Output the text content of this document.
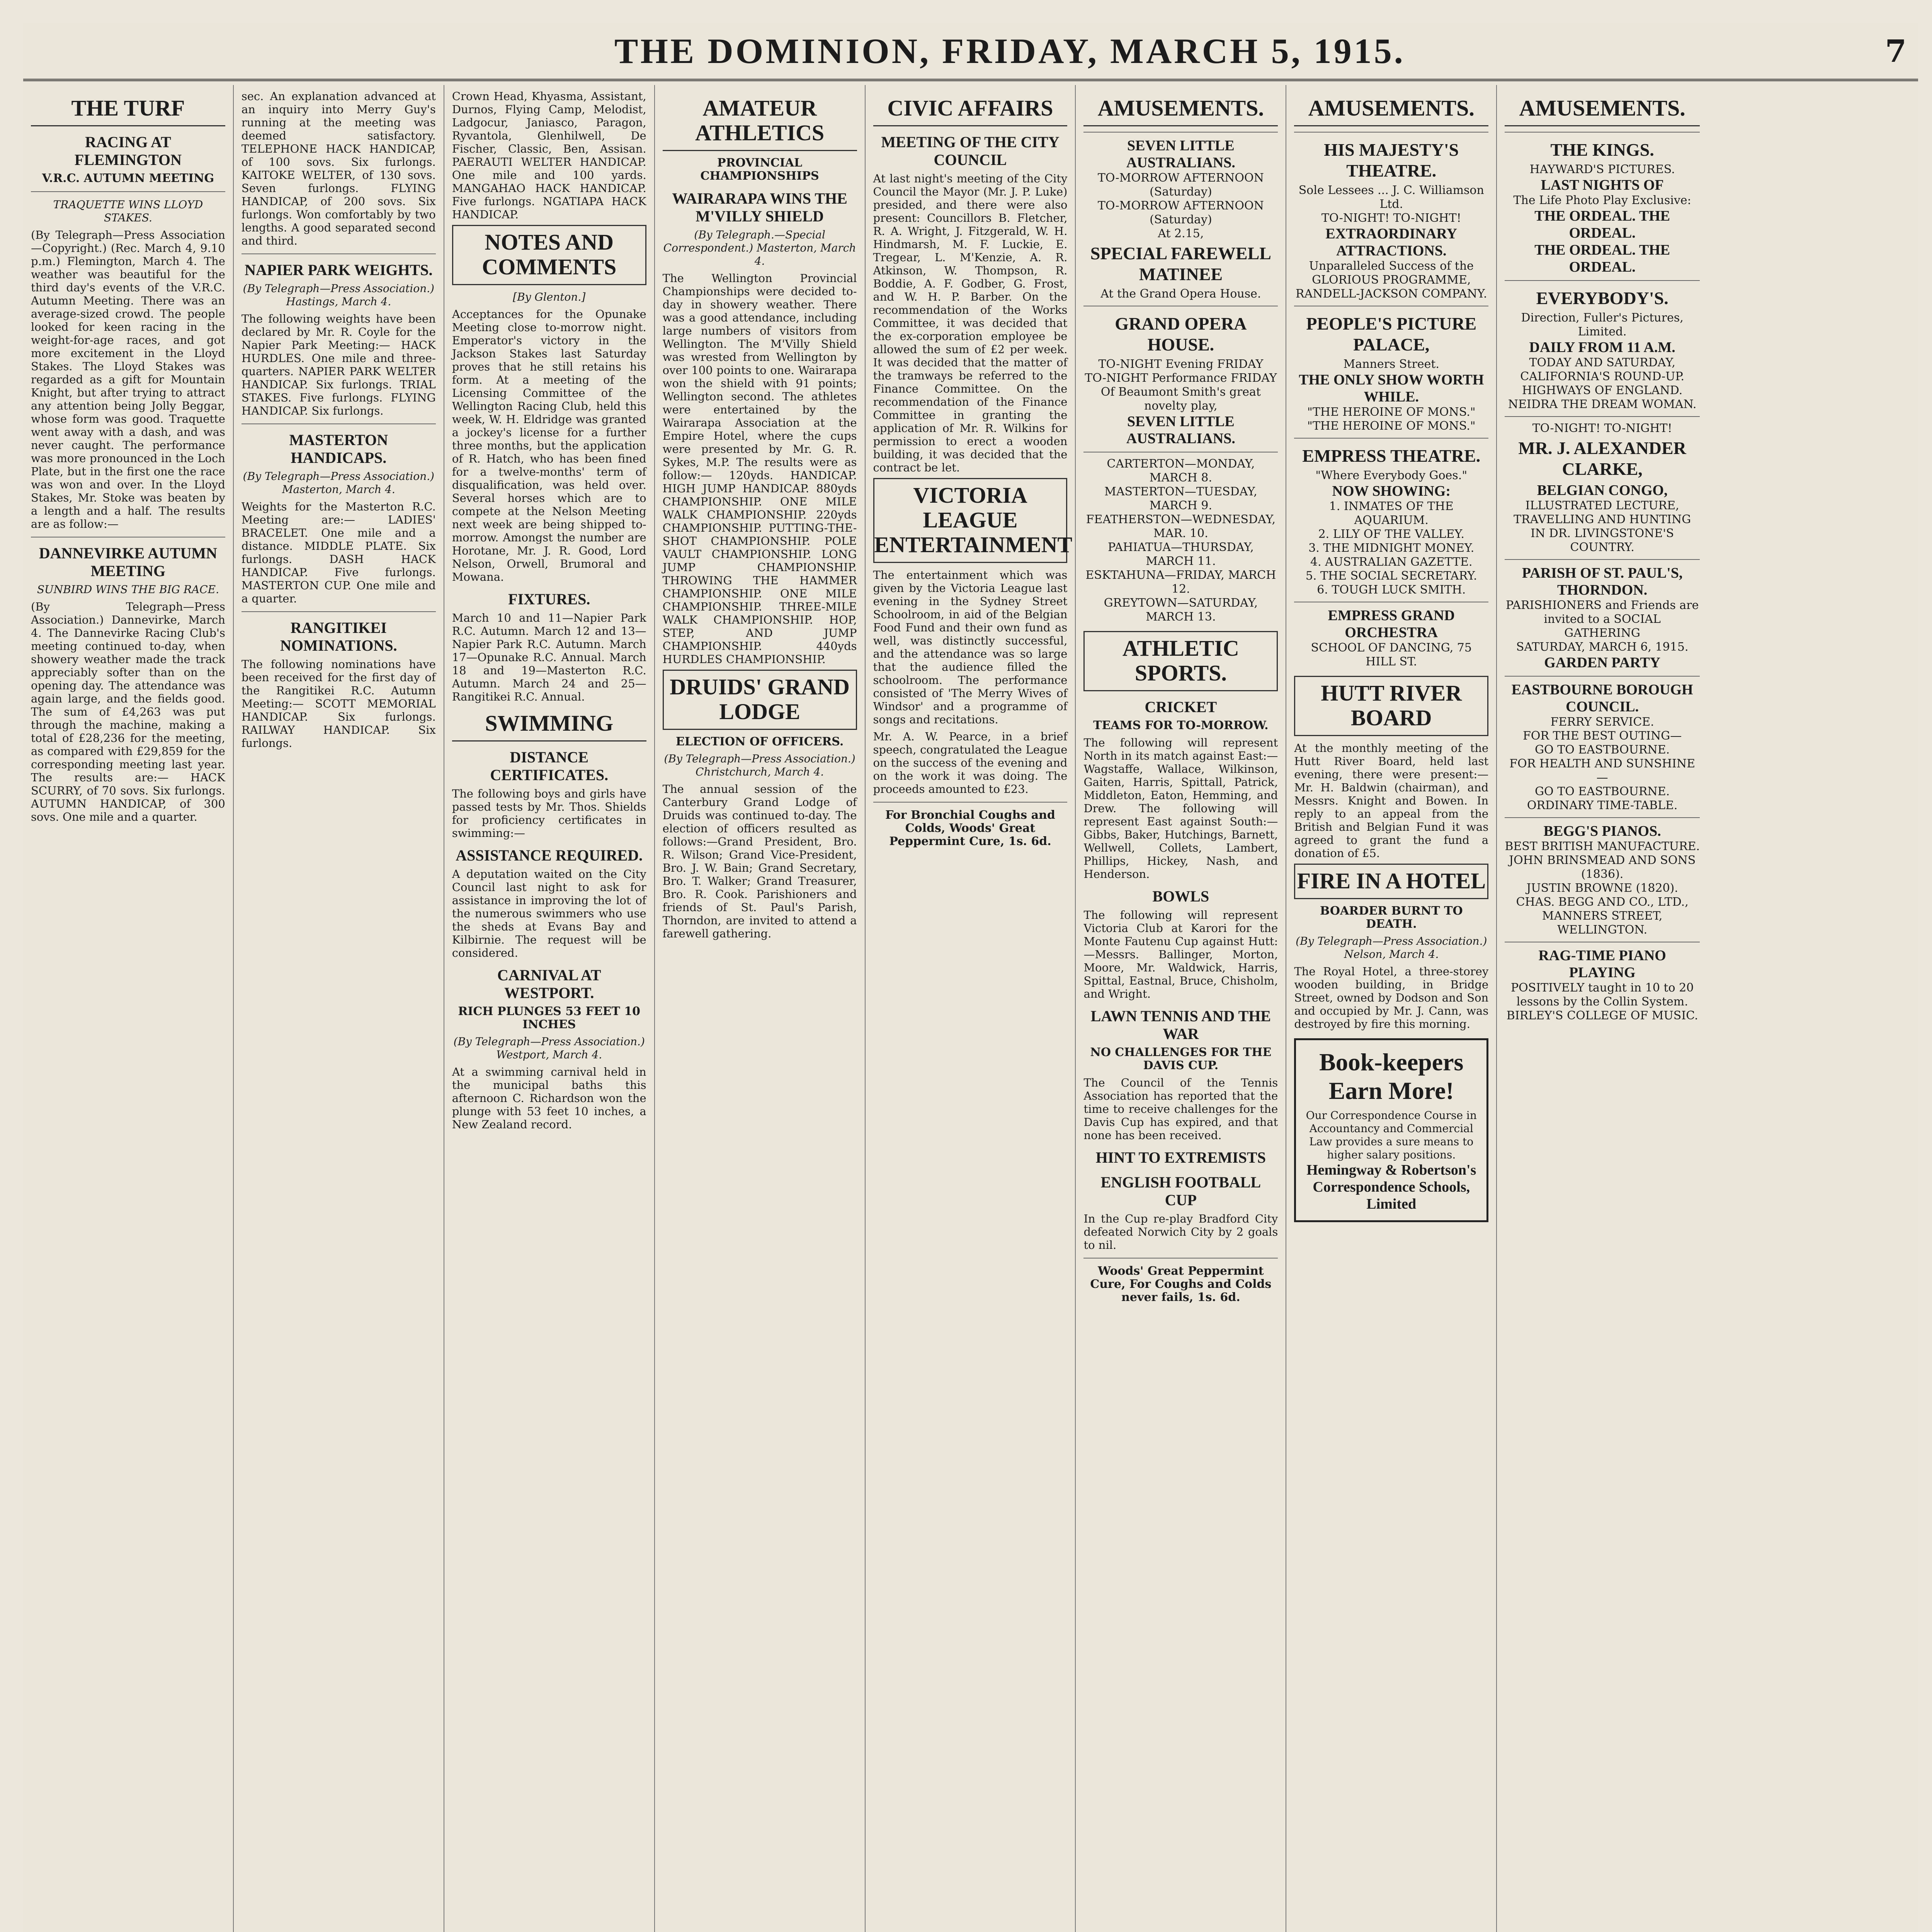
THE DOMINION, FRIDAY, MARCH 5, 1915.	7
THE TURF
RACING AT FLEMINGTON
V.R.C. AUTUMN MEETING
TRAQUETTE WINS LLOYD STAKES.

(By Telegraph—Press Association—Copyright.) (Rec. March 4, 9.10 p.m.) Flemington, March 4. The weather was beautiful for the third day's events of the V.R.C. Autumn Meeting. There was an average-sized crowd. The people looked for keen racing in the weight-for-age races, and got more excitement in the Lloyd Stakes. The Lloyd Stakes was regarded as a gift for Mountain Knight, but after trying to attract any attention being Jolly Beggar, whose form was good. Traquette went away with a dash, and was never caught. The performance was more pronounced in the Loch Plate, but in the first one the race was won and over. In the Lloyd Stakes, Mr. Stoke was beaten by a length and a half. The results are as follow:—

DANNEVIRKE AUTUMN MEETING
SUNBIRD WINS THE BIG RACE.

(By Telegraph—Press Association.) Dannevirke, March 4. The Dannevirke Racing Club's meeting continued to-day, when showery weather made the track appreciably softer than on the opening day. The attendance was again large, and the fields good. The sum of £4,263 was put through the machine, making a total of £28,236 for the meeting, as compared with £29,859 for the corresponding meeting last year. The results are:— HACK SCURRY, of 70 sovs. Six furlongs. AUTUMN HANDICAP, of 300 sovs. One mile and a quarter.

sec. An explanation advanced at an inquiry into Merry Guy's running at the meeting was deemed satisfactory. TELEPHONE HACK HANDICAP, of 100 sovs. Six furlongs. KAITOKE WELTER, of 130 sovs. Seven furlongs. FLYING HANDICAP, of 200 sovs. Six furlongs. Won comfortably by two lengths. A good separated second and third.

NAPIER PARK WEIGHTS.
(By Telegraph—Press Association.) Hastings, March 4.

The following weights have been declared by Mr. R. Coyle for the Napier Park Meeting:— HACK HURDLES. One mile and three-quarters. NAPIER PARK WELTER HANDICAP. Six furlongs. TRIAL STAKES. Five furlongs. FLYING HANDICAP. Six furlongs.

MASTERTON HANDICAPS.
(By Telegraph—Press Association.) Masterton, March 4.

Weights for the Masterton R.C. Meeting are:— LADIES' BRACELET. One mile and a distance. MIDDLE PLATE. Six furlongs. DASH HACK HANDICAP. Five furlongs. MASTERTON CUP. One mile and a quarter.

RANGITIKEI NOMINATIONS.

The following nominations have been received for the first day of the Rangitikei R.C. Autumn Meeting:— SCOTT MEMORIAL HANDICAP. Six furlongs. RAILWAY HANDICAP. Six furlongs.

Crown Head, Khyasma, Assistant, Durnos, Flying Camp, Melodist, Ladgocur, Janiasco, Paragon, Ryvantola, Glenhilwell, De Fischer, Classic, Ben, Assisan. PAERAUTI WELTER HANDICAP. One mile and 100 yards. MANGAHAO HACK HANDICAP. Five furlongs. NGATIAPA HACK HANDICAP.

NOTES AND COMMENTS
[By Glenton.]

Acceptances for the Opunake Meeting close to-morrow night. Emperator's victory in the Jackson Stakes last Saturday proves that he still retains his form. At a meeting of the Licensing Committee of the Wellington Racing Club, held this week, W. H. Eldridge was granted a jockey's license for a further three months, but the application of R. Hatch, who has been fined for a twelve-months' term of disqualification, was held over. Several horses which are to compete at the Nelson Meeting next week are being shipped to-morrow. Amongst the number are Horotane, Mr. J. R. Good, Lord Nelson, Orwell, Brumoral and Mowana.

FIXTURES.

March 10 and 11—Napier Park R.C. Autumn. March 12 and 13—Napier Park R.C. Autumn. March 17—Opunake R.C. Annual. March 18 and 19—Masterton R.C. Autumn. March 24 and 25—Rangitikei R.C. Annual.

SWIMMING
DISTANCE CERTIFICATES.

The following boys and girls have passed tests by Mr. Thos. Shields for proficiency certificates in swimming:—

ASSISTANCE REQUIRED.

A deputation waited on the City Council last night to ask for assistance in improving the lot of the numerous swimmers who use the sheds at Evans Bay and Kilbirnie. The request will be considered.

CARNIVAL AT WESTPORT.
RICH PLUNGES 53 FEET 10 INCHES
(By Telegraph—Press Association.) Westport, March 4.

At a swimming carnival held in the municipal baths this afternoon C. Richardson won the plunge with 53 feet 10 inches, a New Zealand record.

AMATEUR ATHLETICS
PROVINCIAL CHAMPIONSHIPS
WAIRARAPA WINS THE M'VILLY SHIELD
(By Telegraph.—Special Correspondent.) Masterton, March 4.

The Wellington Provincial Championships were decided to-day in showery weather. There was a good attendance, including large numbers of visitors from Wellington. The M'Villy Shield was wrested from Wellington by over 100 points to one. Wairarapa won the shield with 91 points; Wellington second. The athletes were entertained by the Wairarapa Association at the Empire Hotel, where the cups were presented by Mr. G. R. Sykes, M.P. The results were as follow:— 120yds. HANDICAP. HIGH JUMP HANDICAP. 880yds CHAMPIONSHIP. ONE MILE WALK CHAMPIONSHIP. 220yds CHAMPIONSHIP. PUTTING-THE-SHOT CHAMPIONSHIP. POLE VAULT CHAMPIONSHIP. LONG JUMP CHAMPIONSHIP. THROWING THE HAMMER CHAMPIONSHIP. ONE MILE CHAMPIONSHIP. THREE-MILE WALK CHAMPIONSHIP. HOP, STEP, AND JUMP CHAMPIONSHIP. 440yds HURDLES CHAMPIONSHIP.

DRUIDS' GRAND LODGE
ELECTION OF OFFICERS.
(By Telegraph—Press Association.) Christchurch, March 4.

The annual session of the Canterbury Grand Lodge of Druids was continued to-day. The election of officers resulted as follows:—Grand President, Bro. R. Wilson; Grand Vice-President, Bro. J. W. Bain; Grand Secretary, Bro. T. Walker; Grand Treasurer, Bro. R. Cook. Parishioners and friends of St. Paul's Parish, Thorndon, are invited to attend a farewell gathering.

CIVIC AFFAIRS
MEETING OF THE CITY COUNCIL

At last night's meeting of the City Council the Mayor (Mr. J. P. Luke) presided, and there were also present: Councillors B. Fletcher, R. A. Wright, J. Fitzgerald, W. H. Hindmarsh, M. F. Luckie, E. Tregear, L. M'Kenzie, A. R. Atkinson, W. Thompson, R. Boddie, A. F. Godber, G. Frost, and W. H. P. Barber. On the recommendation of the Works Committee, it was decided that the ex-corporation employee be allowed the sum of £2 per week. It was decided that the matter of the tramways be referred to the Finance Committee. On the recommendation of the Finance Committee in granting the application of Mr. R. Wilkins for permission to erect a wooden building, it was decided that the contract be let.

VICTORIA LEAGUE ENTERTAINMENT

The entertainment which was given by the Victoria League last evening in the Sydney Street Schoolroom, in aid of the Belgian Food Fund and their own fund as well, was distinctly successful, and the attendance was so large that the audience filled the schoolroom. The performance consisted of 'The Merry Wives of Windsor' and a programme of songs and recitations.

Mr. A. W. Pearce, in a brief speech, congratulated the League on the success of the evening and on the work it was doing. The proceeds amounted to £23.

For Bronchial Coughs and Colds, Woods' Great Peppermint Cure, 1s. 6d.
AMUSEMENTS.
SEVEN LITTLE AUSTRALIANS.
TO-MORROW AFTERNOON (Saturday)
TO-MORROW AFTERNOON (Saturday)
At 2.15,
SPECIAL FAREWELL MATINEE
At the Grand Opera House.
GRAND OPERA HOUSE.
TO-NIGHT Evening FRIDAY
TO-NIGHT Performance FRIDAY
Of Beaumont Smith's great novelty play,
SEVEN LITTLE AUSTRALIANS.
CARTERTON—MONDAY, MARCH 8.
MASTERTON—TUESDAY, MARCH 9.
FEATHERSTON—WEDNESDAY, MAR. 10.
PAHIATUA—THURSDAY, MARCH 11.
ESKTAHUNA—FRIDAY, MARCH 12.
GREYTOWN—SATURDAY, MARCH 13.
ATHLETIC SPORTS.
CRICKET
TEAMS FOR TO-MORROW.

The following will represent North in its match against East:—Wagstaffe, Wallace, Wilkinson, Gaiten, Harris, Spittall, Patrick, Middleton, Eaton, Hemming, and Drew. The following will represent East against South:—Gibbs, Baker, Hutchings, Barnett, Wellwell, Collets, Lambert, Phillips, Hickey, Nash, and Henderson.

BOWLS

The following will represent Victoria Club at Karori for the Monte Fautenu Cup against Hutt:—Messrs. Ballinger, Morton, Moore, Mr. Waldwick, Harris, Spittal, Eastnal, Bruce, Chisholm, and Wright.

LAWN TENNIS AND THE WAR
NO CHALLENGES FOR THE DAVIS CUP.

The Council of the Tennis Association has reported that the time to receive challenges for the Davis Cup has expired, and that none has been received.

HINT TO EXTREMISTS
ENGLISH FOOTBALL CUP

In the Cup re-play Bradford City defeated Norwich City by 2 goals to nil.

Woods' Great Peppermint Cure, For Coughs and Colds never fails, 1s. 6d.
AMUSEMENTS.
HIS MAJESTY'S THEATRE.
Sole Lessees ... J. C. Williamson Ltd.
TO-NIGHT! TO-NIGHT!
EXTRAORDINARY ATTRACTIONS.
Unparalleled Success of the
GLORIOUS PROGRAMME,
RANDELL-JACKSON COMPANY.
PEOPLE'S PICTURE PALACE,
Manners Street.
THE ONLY SHOW WORTH WHILE.
"THE HEROINE OF MONS."
"THE HEROINE OF MONS."
EMPRESS THEATRE.
"Where Everybody Goes."
NOW SHOWING:
1. INMATES OF THE AQUARIUM.
2. LILY OF THE VALLEY.
3. THE MIDNIGHT MONEY.
4. AUSTRALIAN GAZETTE.
5. THE SOCIAL SECRETARY.
6. TOUGH LUCK SMITH.
EMPRESS GRAND ORCHESTRA
SCHOOL OF DANCING, 75 HILL ST.
HUTT RIVER BOARD

At the monthly meeting of the Hutt River Board, held last evening, there were present:—Mr. H. Baldwin (chairman), and Messrs. Knight and Bowen. In reply to an appeal from the British and Belgian Fund it was agreed to grant the fund a donation of £5.

FIRE IN A HOTEL
BOARDER BURNT TO DEATH.
(By Telegraph—Press Association.) Nelson, March 4.

The Royal Hotel, a three-storey wooden building, in Bridge Street, owned by Dodson and Son and occupied by Mr. J. Cann, was destroyed by fire this morning.

Book-keepers Earn More!
Our Correspondence Course in Accountancy and Commercial Law provides a sure means to higher salary positions.
Hemingway & Robertson's Correspondence Schools, Limited
AMUSEMENTS.
THE KINGS.
HAYWARD'S PICTURES.
LAST NIGHTS OF
The Life Photo Play Exclusive:
THE ORDEAL. THE ORDEAL.
THE ORDEAL. THE ORDEAL.
EVERYBODY'S.
Direction, Fuller's Pictures, Limited.
DAILY FROM 11 A.M.
TODAY AND SATURDAY,
CALIFORNIA'S ROUND-UP.
HIGHWAYS OF ENGLAND.
NEIDRA THE DREAM WOMAN.
TO-NIGHT! TO-NIGHT!
MR. J. ALEXANDER CLARKE,
BELGIAN CONGO,
ILLUSTRATED LECTURE,
TRAVELLING AND HUNTING IN DR. LIVINGSTONE'S COUNTRY.
PARISH OF ST. PAUL'S, THORNDON.
PARISHIONERS and Friends are invited to a SOCIAL GATHERING
SATURDAY, MARCH 6, 1915.
GARDEN PARTY
EASTBOURNE BOROUGH COUNCIL.
FERRY SERVICE.
FOR THE BEST OUTING—
GO TO EASTBOURNE.
FOR HEALTH AND SUNSHINE—
GO TO EASTBOURNE.
ORDINARY TIME-TABLE.
BEGG'S PIANOS.
BEST BRITISH MANUFACTURE.
JOHN BRINSMEAD AND SONS (1836).
JUSTIN BROWNE (1820).
CHAS. BEGG AND CO., LTD.,
MANNERS STREET, WELLINGTON.
RAG-TIME PIANO PLAYING
POSITIVELY taught in 10 to 20 lessons by the Collin System.
BIRLEY'S COLLEGE OF MUSIC.
